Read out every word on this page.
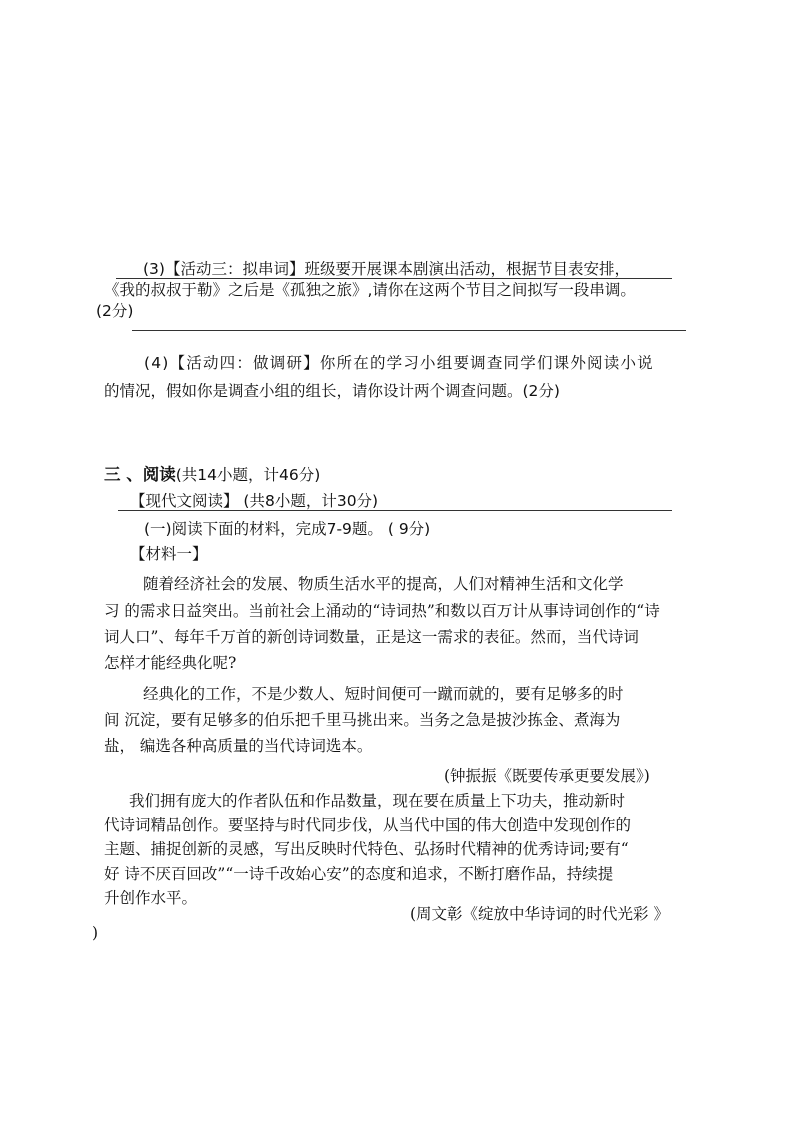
(3)【活动三：拟串词】班级要开展课本剧演出活动，根据节目表安排，
《我的叔叔于勒》之后是《孤独之旅》,请你在这两个节目之间拟写一段串调。
(2分)
(4)【活动四：做调研】你所在的学习小组要调查同学们课外阅读小说
的情况，假如你是调查小组的组长，请你设计两个调查问题。(2分)
三 、阅读(共14小题，计46分)
【现代文阅读】 (共8小题，计30分)
(一)阅读下面的材料，完成7-9题。 ( 9分)
【材料一】
随着经济社会的发展、物质生活水平的提高，人们对精神生活和文化学
习 的需求日益突出。当前社会上涌动的“诗词热”和数以百万计从事诗词创作的“诗
词人口”、每年千万首的新创诗词数量，正是这一需求的表征。然而，当代诗词
怎样才能经典化呢?
经典化的工作，不是少数人、短时间便可一蹴而就的，要有足够多的时
间 沉淀，要有足够多的伯乐把千里马挑出来。当务之急是披沙拣金、煮海为
盐， 编选各种高质量的当代诗词选本。
(钟振振《既要传承更要发展》)
我们拥有庞大的作者队伍和作品数量，现在要在质量上下功夫，推动新时
代诗词精品创作。要坚持与时代同步伐，从当代中国的伟大创造中发现创作的
主题、捕捉创新的灵感，写出反映时代特色、弘扬时代精神的优秀诗词;要有“
好 诗不厌百回改”“一诗千改始心安”的态度和追求，不断打磨作品，持续提
升创作水平。
(周文彰《绽放中华诗词的时代光彩 》
)
